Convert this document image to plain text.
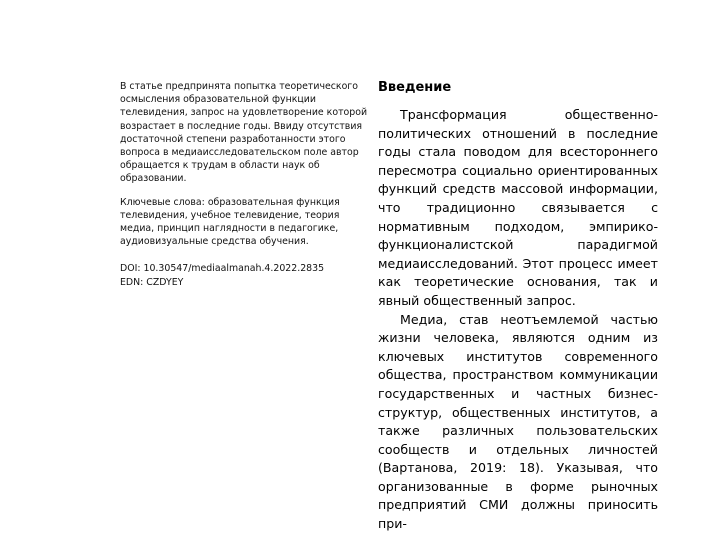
В статье предпринята попытка теоретического осмысления образовательной функции телевидения, запрос на удовлетворение которой возрастает в последние годы. Ввиду отсутствия достаточной степени разработанности этого вопроса в медиаисследовательском поле автор обращается к трудам в области наук об образовании.

Ключевые слова: образовательная функция телевидения, учебное телевидение, теория медиа, принцип наглядности в педагогике, аудиовизуальные средства обучения.

DOI: 10.30547/mediaalmanah.4.2022.2835
EDN: CZDYEY
Введение

Трансформация общественно-политических отношений в последние годы стала поводом для всестороннего пересмотра социально ориентированных функций средств массовой информации, что традиционно связывается с нормативным подходом, эмпирико-функционалистской парадигмой медиаисследований. Этот процесс имеет как теоретические основания, так и явный общественный запрос.

Медиа, став неотъемлемой частью жизни человека, являются одним из ключевых институтов современного общества, пространством коммуникации государственных и частных бизнес-структур, общественных институтов, а также различных пользовательских сообществ и отдельных личностей (Вартанова, 2019: 18). Указывая, что организованные в форме рыночных предприятий СМИ должны приносить при-
